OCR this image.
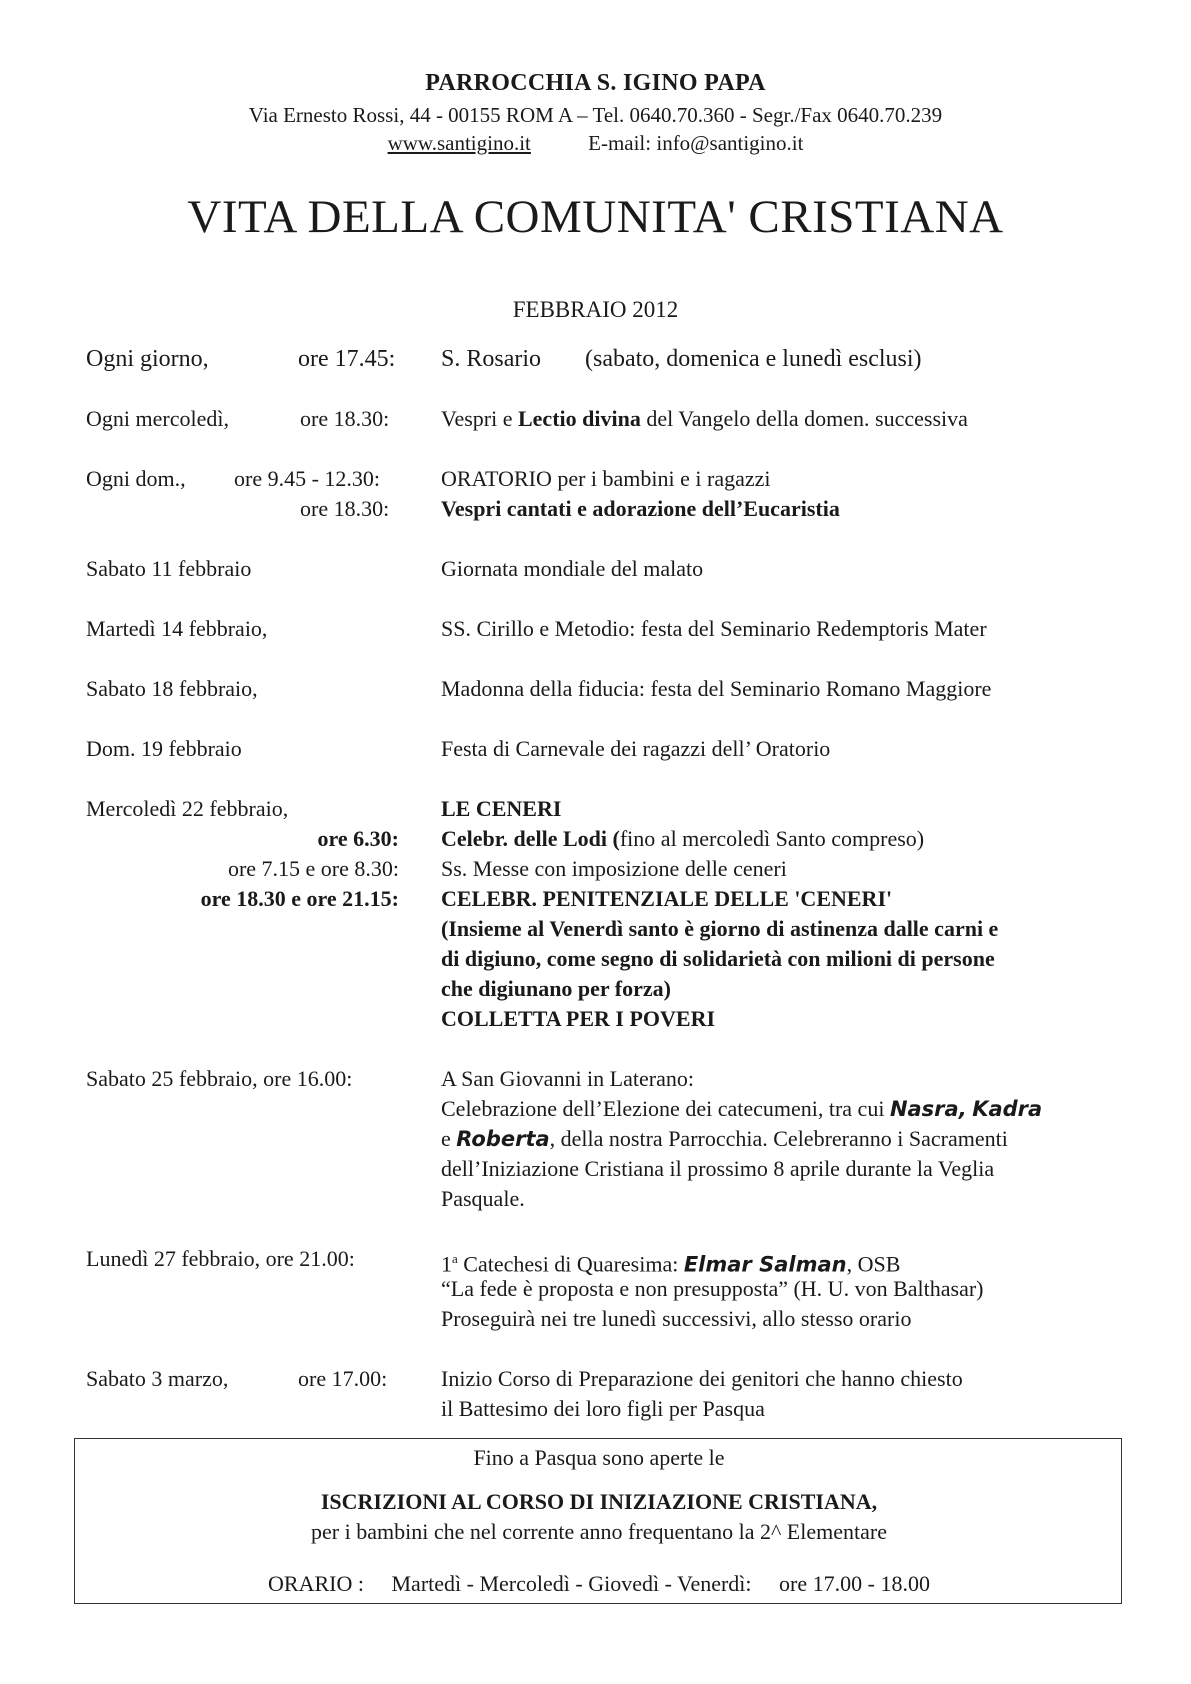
PARROCCHIA S. IGINO PAPA
Via Ernesto Rossi, 44 - 00155 ROM A – Tel. 0640.70.360 - Segr./Fax 0640.70.239
www.santigino.it	E-mail: info@santigino.it
VITA DELLA COMUNITA' CRISTIANA
FEBBRAIO 2012
Ogni giorno,	ore 17.45: S. Rosario (sabato, domenica e lunedì esclusi)
Ogni mercoledì,	ore 18.30: Vespri e Lectio divina del Vangelo della domen. successiva
Ogni dom., ore 9.45 - 12.30:	ORATORIO per i bambini e i ragazzi
ore 18.30: Vespri cantati e adorazione dell’Eucaristia
Sabato 11 febbraio	Giornata mondiale del malato
Martedì 14 febbraio,	SS. Cirillo e Metodio: festa del Seminario Redemptoris Mater
Sabato 18 febbraio,	Madonna della fiducia: festa del Seminario Romano Maggiore
Dom. 19 febbraio	Festa di Carnevale dei ragazzi dell’ Oratorio
Mercoledì 22 febbraio,	LE CENERI
ore 6.30: Celebr. delle Lodi (fino al mercoledì Santo compreso)
ore 7.15 e ore 8.30: Ss. Messe con imposizione delle ceneri
ore 18.30 e ore 21.15: CELEBR. PENITENZIALE DELLE 'CENERI'
(Insieme al Venerdì santo è giorno di astinenza dalle carni e
di digiuno, come segno di solidarietà con milioni di persone
che digiunano per forza)
COLLETTA PER I POVERI
Sabato 25 febbraio, ore 16.00:	A San Giovanni in Laterano:
Celebrazione dell’Elezione dei catecumeni, tra cui Nasra, Kadra
e Roberta, della nostra Parrocchia. Celebreranno i Sacramenti
dell’Iniziazione Cristiana il prossimo 8 aprile durante la Veglia
Pasquale.
Lunedì 27 febbraio, ore 21.00:	1$^a$ Catechesi di Quaresima: Elmar Salman, OSB
“La fede è proposta e non presupposta” (H. U. von Balthasar)
Proseguirà nei tre lunedì successivi, allo stesso orario
Sabato 3 marzo,	ore 17.00: Inizio Corso di Preparazione dei genitori che hanno chiesto
il Battesimo dei loro figli per Pasqua
Fino a Pasqua sono aperte le
ISCRIZIONI AL CORSO DI INIZIAZIONE CRISTIANA,
per i bambini che nel corrente anno frequentano la 2^ Elementare
ORARIO :     Martedì - Mercoledì - Giovedì - Venerdì:     ore 17.00 - 18.00
